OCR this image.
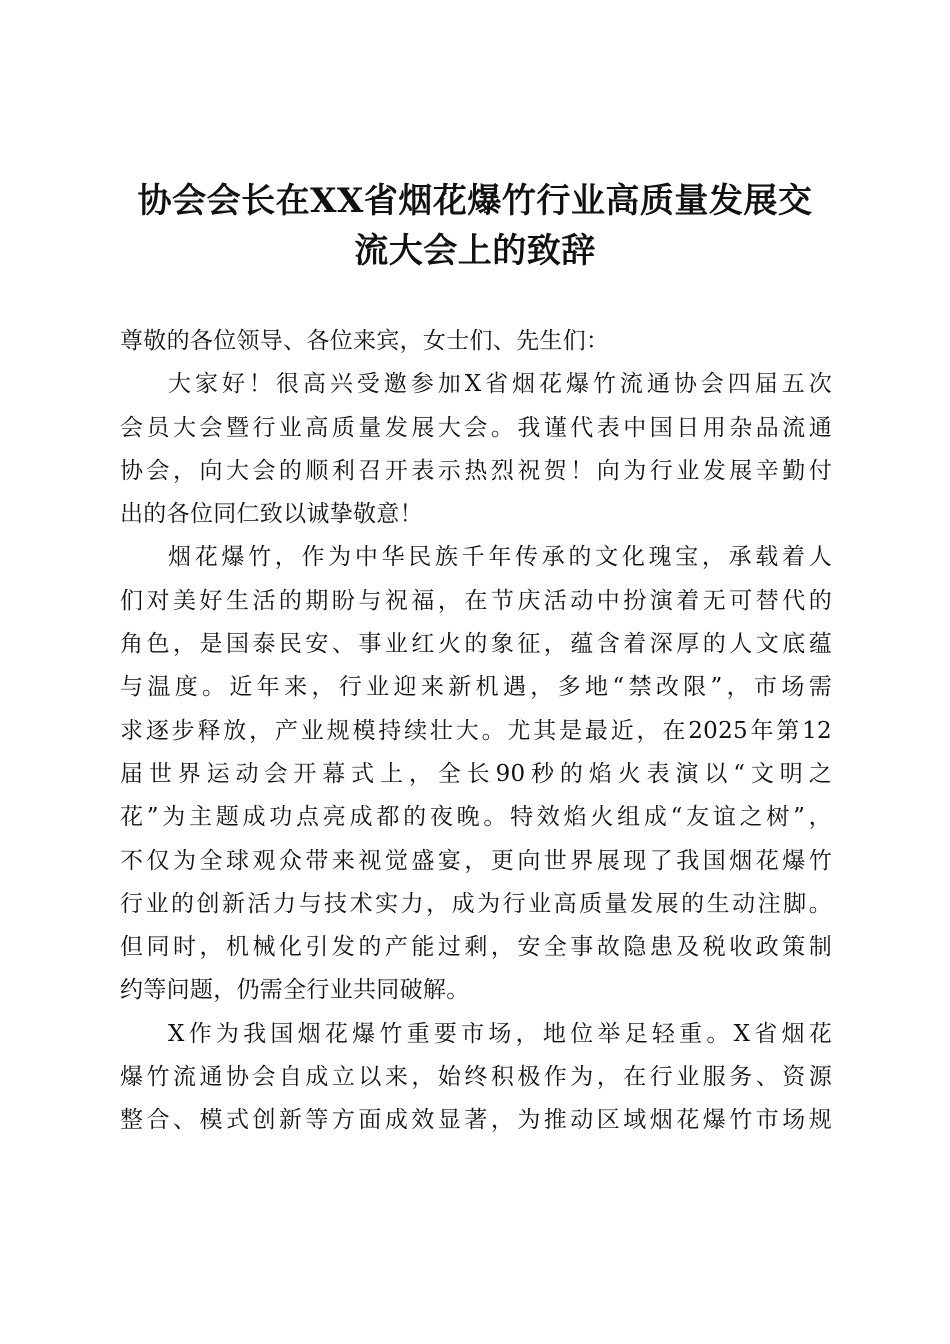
协会会长在XX省烟花爆竹行业高质量发展交
流大会上的致辞
尊敬的各位领导、各位来宾，女士们、先生们：
大家好！很高兴受邀参加X省烟花爆竹流通协会四届五次
会员大会暨行业高质量发展大会。我谨代表中国日用杂品流通
协会，向大会的顺利召开表示热烈祝贺！向为行业发展辛勤付
出的各位同仁致以诚挚敬意！
烟花爆竹，作为中华民族千年传承的文化瑰宝，承载着人
们对美好生活的期盼与祝福，在节庆活动中扮演着无可替代的
角色，是国泰民安、事业红火的象征，蕴含着深厚的人文底蕴
与温度。近年来，行业迎来新机遇，多地“禁改限”，市场需
求逐步释放，产业规模持续壮大。尤其是最近，在2025年第12
届世界运动会开幕式上，全长90秒的焰火表演以“文明之
花”为主题成功点亮成都的夜晚。特效焰火组成“友谊之树”，
不仅为全球观众带来视觉盛宴，更向世界展现了我国烟花爆竹
行业的创新活力与技术实力，成为行业高质量发展的生动注脚。
但同时，机械化引发的产能过剩，安全事故隐患及税收政策制
约等问题，仍需全行业共同破解。
X作为我国烟花爆竹重要市场，地位举足轻重。X省烟花
爆竹流通协会自成立以来，始终积极作为，在行业服务、资源
整合、模式创新等方面成效显著，为推动区域烟花爆竹市场规
